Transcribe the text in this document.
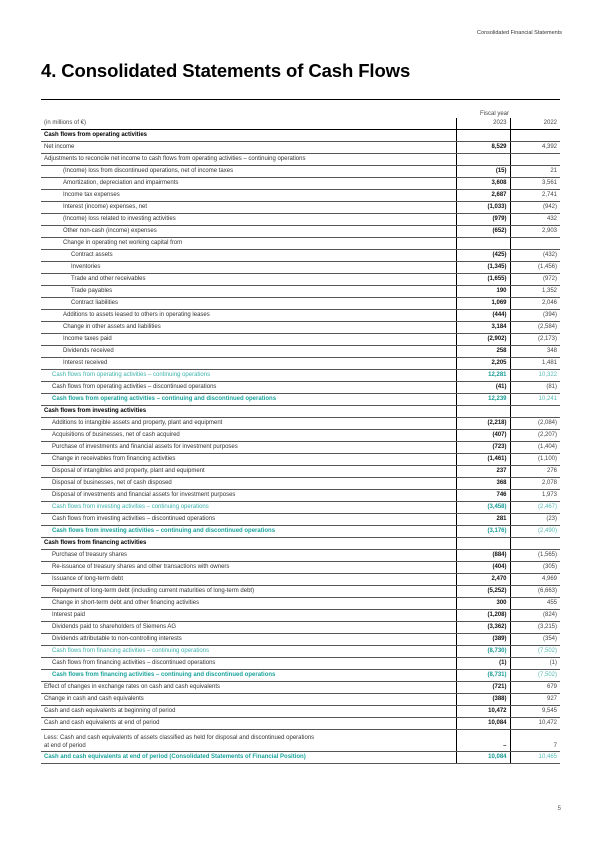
Consolidated Financial Statements
4. Consolidated Statements of Cash Flows
Fiscal year
(in millions of €)	2023	2022
Cash flows from operating activities		
Net income	8,529	4,392
Adjustments to reconcile net income to cash flows from operating activities – continuing operations		
(Income) loss from discontinued operations, net of income taxes	(15)	21
Amortization, depreciation and impairments	3,608	3,561
Income tax expenses	2,687	2,741
Interest (income) expenses, net	(1,033)	(942)
(Income) loss related to investing activities	(979)	432
Other non-cash (income) expenses	(652)	2,903
Change in operating net working capital from		
Contract assets	(425)	(432)
Inventories	(1,345)	(1,456)
Trade and other receivables	(1,655)	(972)
Trade payables	190	1,352
Contract liabilities	1,069	2,046
Additions to assets leased to others in operating leases	(444)	(394)
Change in other assets and liabilities	3,184	(2,584)
Income taxes paid	(2,902)	(2,173)
Dividends received	258	348
Interest received	2,205	1,481
Cash flows from operating activities – continuing operations	12,281	10,322
Cash flows from operating activities – discontinued operations	(41)	(81)
Cash flows from operating activities – continuing and discontinued operations	12,239	10,241
Cash flows from investing activities		
Additions to intangible assets and property, plant and equipment	(2,218)	(2,084)
Acquisitions of businesses, net of cash acquired	(407)	(2,207)
Purchase of investments and financial assets for investment purposes	(723)	(1,404)
Change in receivables from financing activities	(1,461)	(1,100)
Disposal of intangibles and property, plant and equipment	237	276
Disposal of businesses, net of cash disposed	368	2,078
Disposal of investments and financial assets for investment purposes	746	1,973
Cash flows from investing activities – continuing operations	(3,458)	(2,467)
Cash flows from investing activities – discontinued operations	281	(23)
Cash flows from investing activities – continuing and discontinued operations	(3,176)	(2,490)
Cash flows from financing activities		
Purchase of treasury shares	(884)	(1,565)
Re-issuance of treasury shares and other transactions with owners	(404)	(305)
Issuance of long-term debt	2,470	4,969
Repayment of long-term debt (including current maturities of long-term debt)	(5,252)	(6,663)
Change in short-term debt and other financing activities	300	455
Interest paid	(1,208)	(824)
Dividends paid to shareholders of Siemens AG	(3,362)	(3,215)
Dividends attributable to non-controlling interests	(389)	(354)
Cash flows from financing activities – continuing operations	(8,730)	(7,502)
Cash flows from financing activities – discontinued operations	(1)	(1)
Cash flows from financing activities – continuing and discontinued operations	(8,731)	(7,502)
Effect of changes in exchange rates on cash and cash equivalents	(721)	679
Change in cash and cash equivalents	(388)	927
Cash and cash equivalents at beginning of period	10,472	9,545
Cash and cash equivalents at end of period	10,084	10,472

Less: Cash and cash equivalents of assets classified as held for disposal and discontinued operations
at end of period	–	7
Cash and cash equivalents at end of period (Consolidated Statements of Financial Position)	10,084	10,465
5
